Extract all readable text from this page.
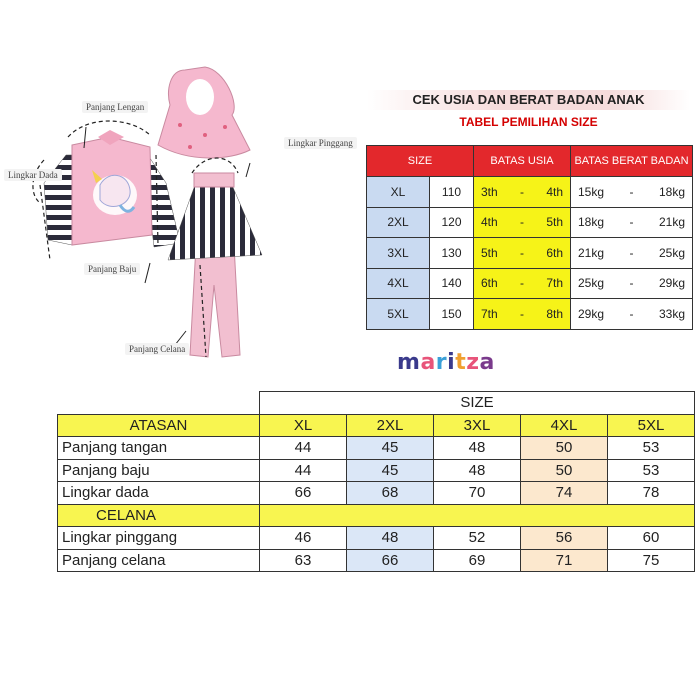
Panjang Lengan
Lingkar Dada
Panjang Baju
Lingkar Pinggang
Panjang Celana
CEK USIA DAN BERAT BADAN ANAK
TABEL PEMILIHAN SIZE
SIZE		BATAS USIA	BATAS BERAT BADAN
XL	110	3th - 4th	15kg - 18kg

2XL	120	4th - 5th	18kg - 21kg

3XL	130	5th - 6th	21kg - 25kg

4XL	140	6th - 7th	25kg - 29kg

5XL	150	7th - 8th	29kg - 33kg
maritza
	SIZE				
ATASAN	XL	2XL	3XL	4XL	5XL
Panjang tangan	44	45	48	50	53
Panjang baju	44	45	48	50	53
Lingkar dada	66	68	70	74	78
CELANA					
Lingkar pinggang	46	48	52	56	60
Panjang celana	63	66	69	71	75
